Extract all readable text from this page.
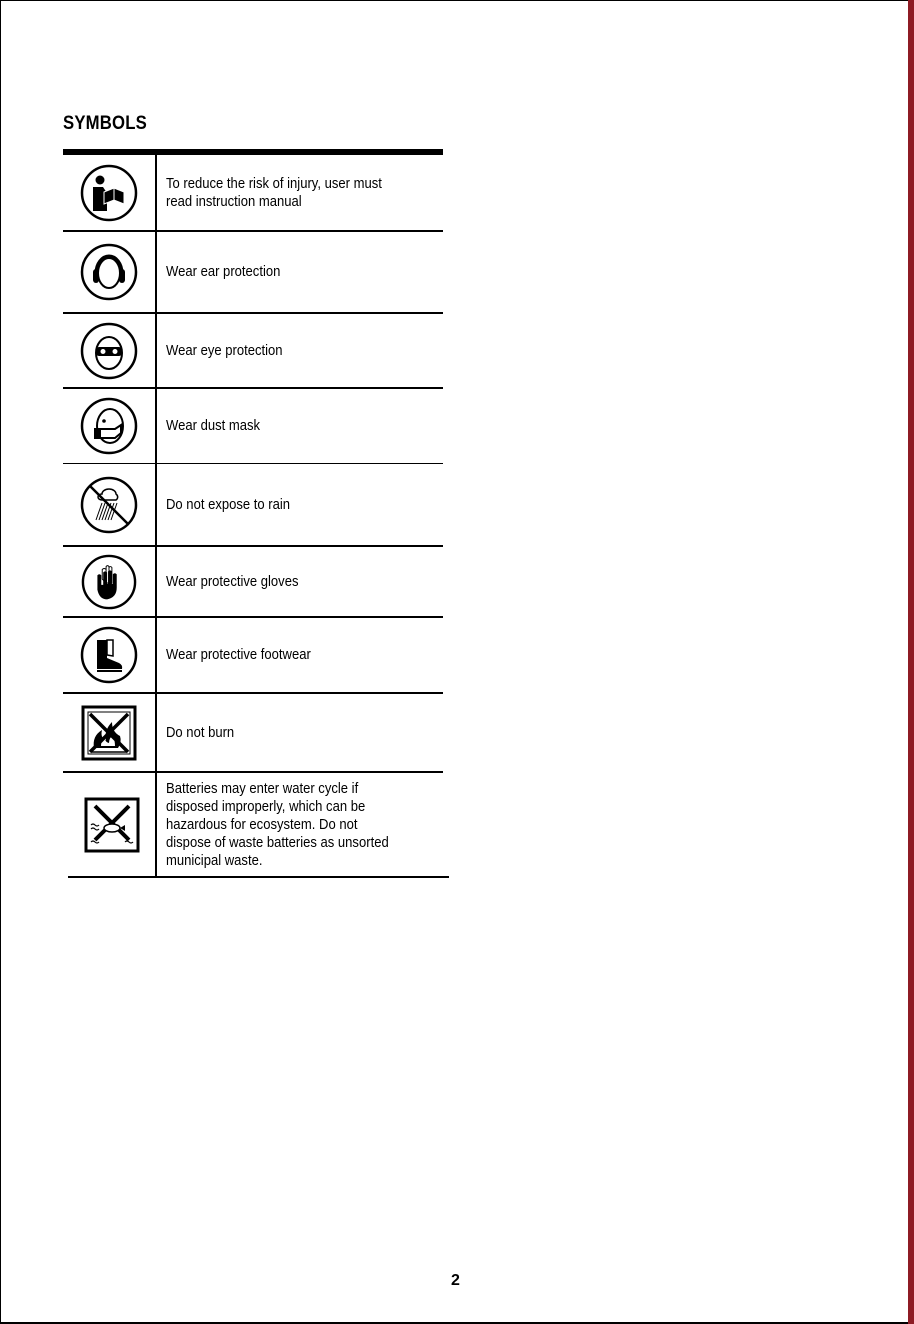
SYMBOLS
To reduce the risk of injury, user must
read instruction manual
Wear ear protection
Wear eye protection
Wear dust mask
Do not expose to rain
Wear protective gloves
Wear protective footwear
Do not burn
Batteries may enter water cycle if
disposed improperly, which can be
hazardous for ecosystem. Do not
dispose of waste batteries as unsorted
municipal waste.
2
